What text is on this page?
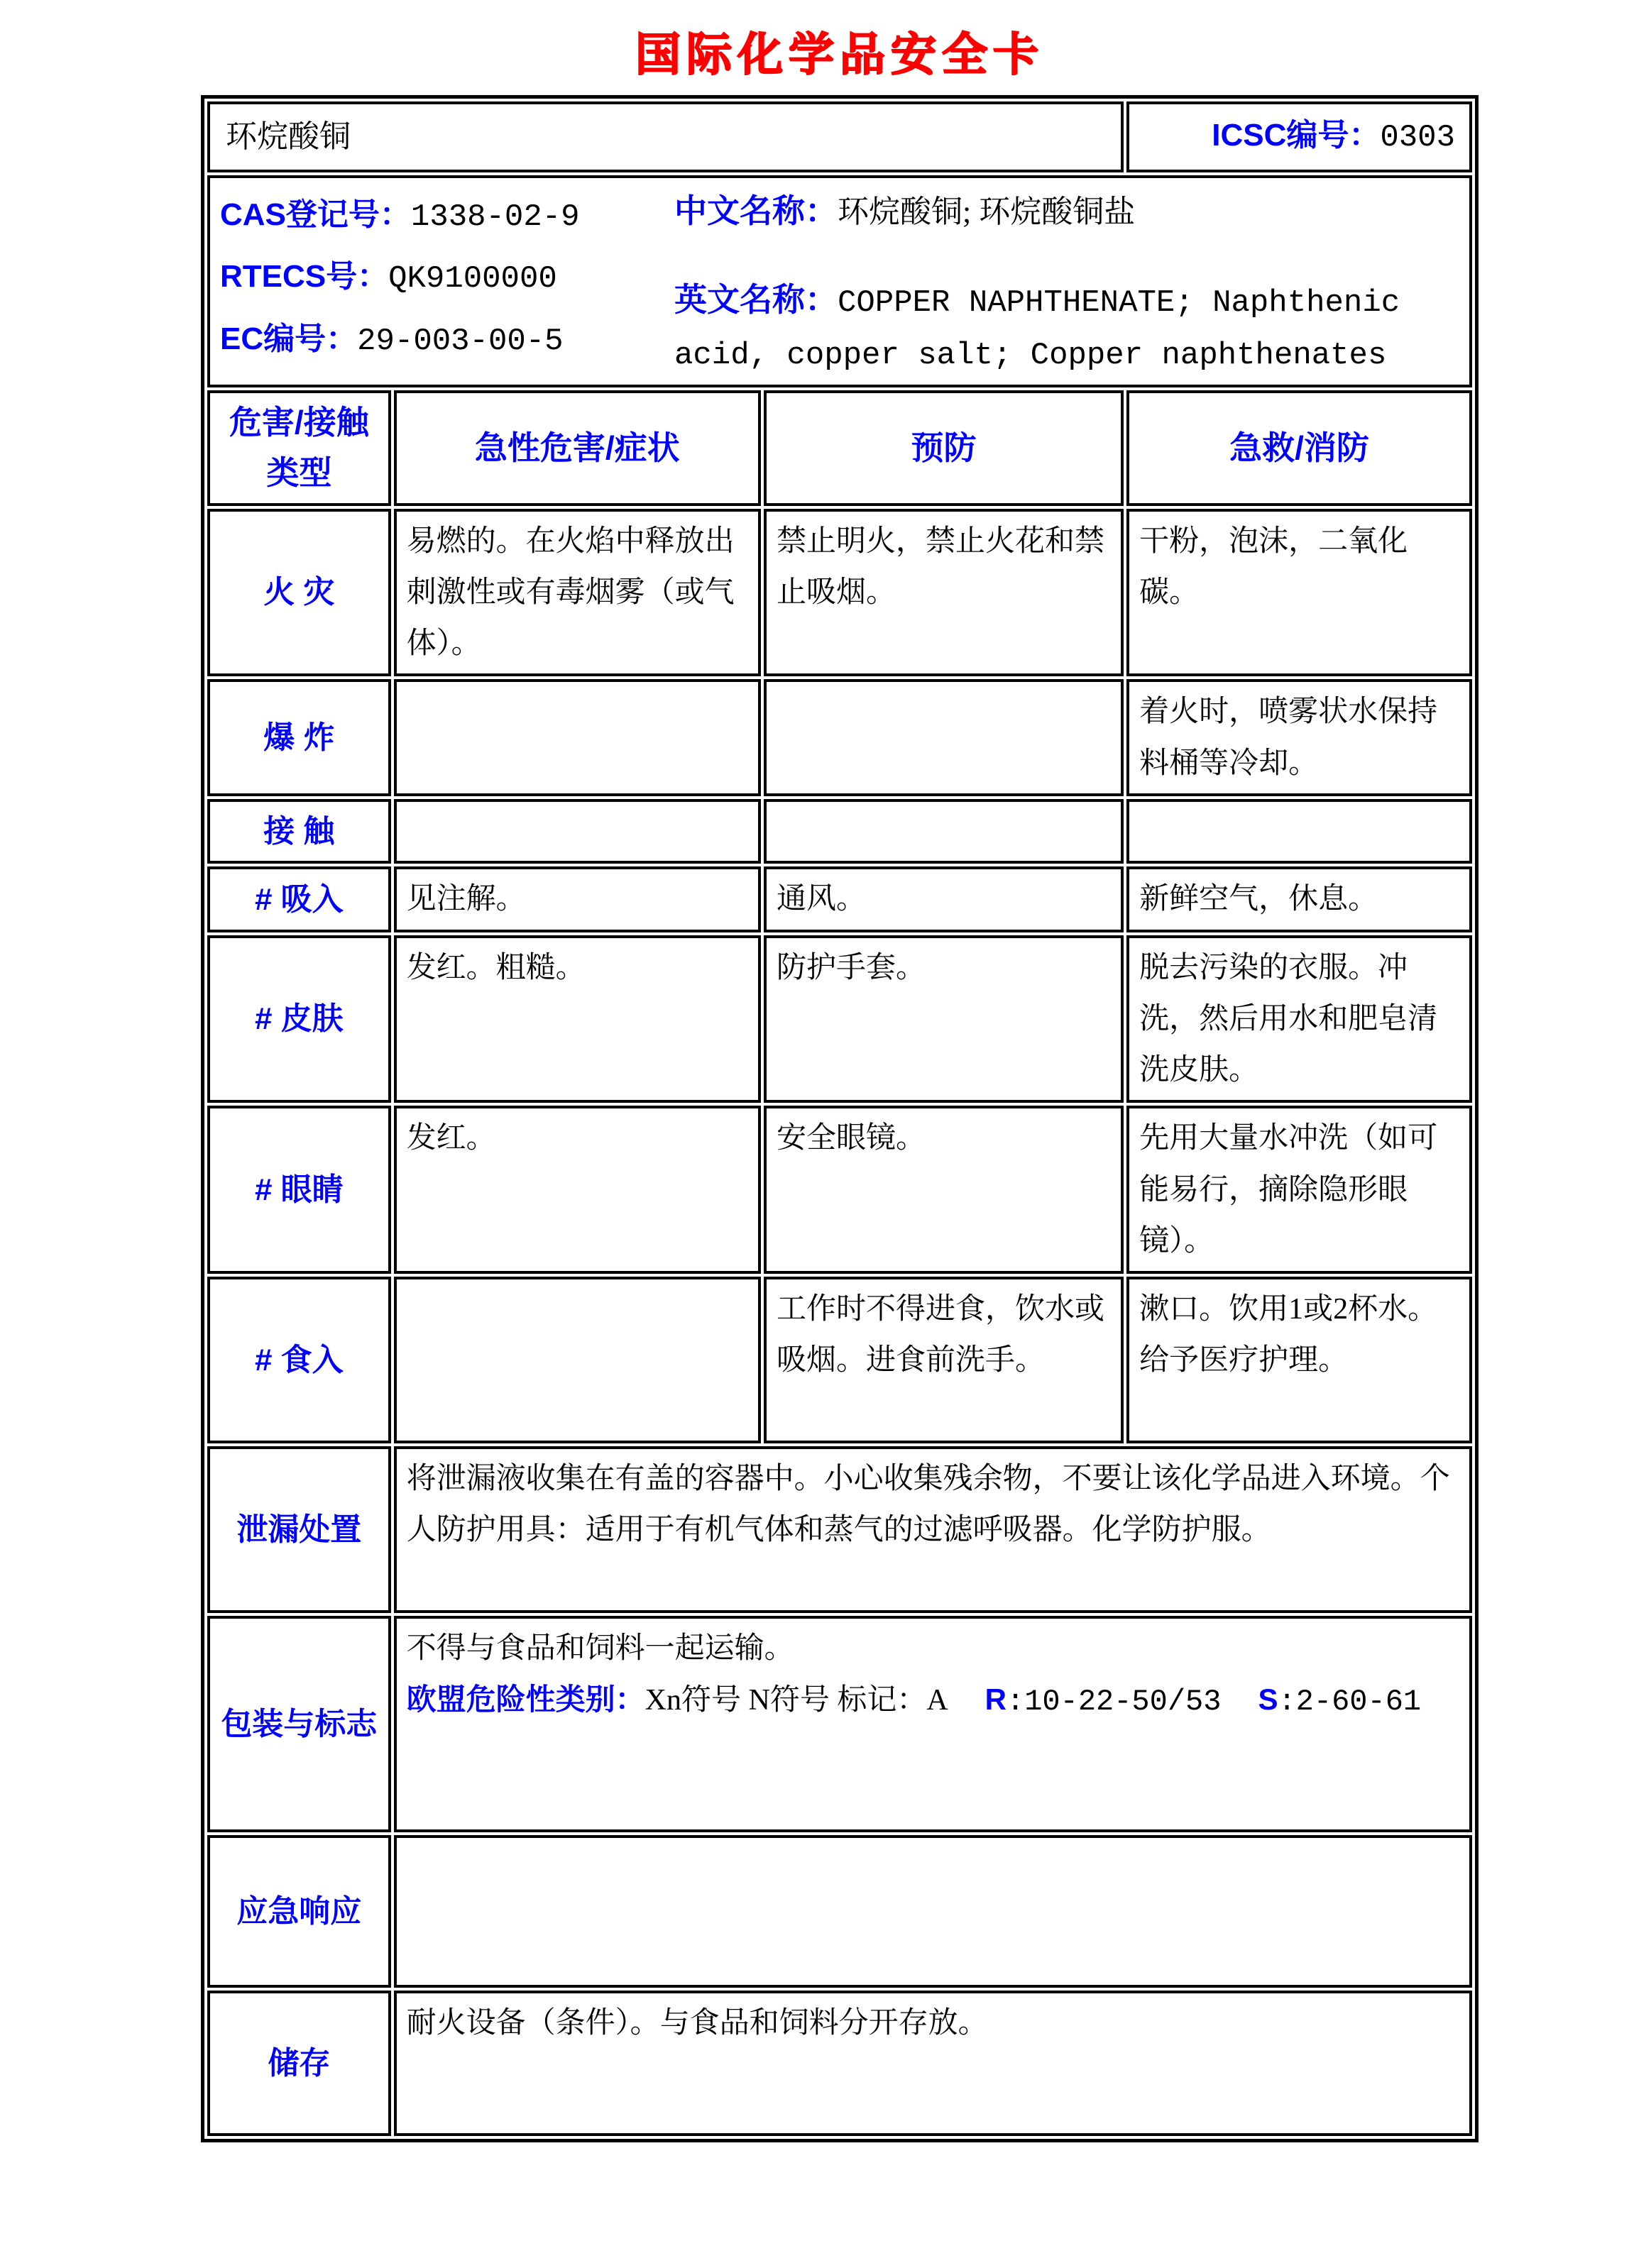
国际化学品安全卡
环烷酸铜			ICSC编号：0303

CAS登记号：1338-02-9
RTECS号：QK9100000
EC编号：29-003-00-5

中文名称：环烷酸铜; 环烷酸铜盐

英文名称：COPPER NAPHTHENATE; Naphthenic acid, copper salt; Copper naphthenates			

危害/接触
类型	急性危害/症状	预防	急救/消防
火 灾	易燃的。在火焰中释放出刺激性或有毒烟雾（或气体）。	禁止明火，禁止火花和禁止吸烟。	干粉，泡沫，二氧化碳。
爆 炸			着火时，喷雾状水保持料桶等冷却。
接 触			
# 吸入	见注解。	通风。	新鲜空气，休息。
# 皮肤	发红。粗糙。	防护手套。	脱去污染的衣服。冲洗，然后用水和肥皂清洗皮肤。
# 眼睛	发红。	安全眼镜。	先用大量水冲洗（如可能易行，摘除隐形眼镜）。
# 食入		工作时不得进食，饮水或吸烟。进食前洗手。	漱口。饮用1或2杯水。给予医疗护理。
泄漏处置	将泄漏液收集在有盖的容器中。小心收集残余物，不要让该化学品进入环境。个人防护用具：适用于有机气体和蒸气的过滤呼吸器。化学防护服。		
包装与标志	不得与食品和饲料一起运输。

欧盟危险性类别：Xn符号 N符号 标记：A R:10-22-50/53 S:2-60-61		

应急响应			
储存	耐火设备（条件）。与食品和饲料分开存放。		
